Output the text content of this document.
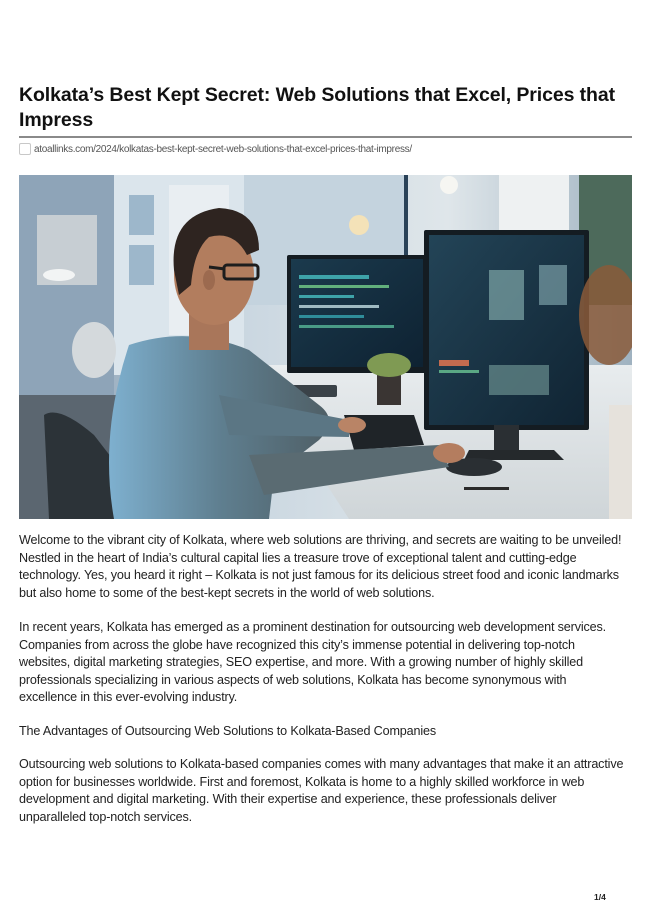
Kolkata’s Best Kept Secret: Web Solutions that Excel, Prices that Impress
atoallinks.com/2024/kolkatas-best-kept-secret-web-solutions-that-excel-prices-that-impress/

Welcome to the vibrant city of Kolkata, where web solutions are thriving, and secrets are waiting to be unveiled! Nestled in the heart of India’s cultural capital lies a treasure trove of exceptional talent and cutting-edge technology. Yes, you heard it right – Kolkata is not just famous for its delicious street food and iconic landmarks but also home to some of the best-kept secrets in the world of web solutions.

In recent years, Kolkata has emerged as a prominent destination for outsourcing web development services. Companies from across the globe have recognized this city’s immense potential in delivering top-notch websites, digital marketing strategies, SEO expertise, and more. With a growing number of highly skilled professionals specializing in various aspects of web solutions, Kolkata has become synonymous with excellence in this ever-evolving industry.

The Advantages of Outsourcing Web Solutions to Kolkata-Based Companies

Outsourcing web solutions to Kolkata-based companies comes with many advantages that make it an attractive option for businesses worldwide. First and foremost, Kolkata is home to a highly skilled workforce in web development and digital marketing. With their expertise and experience, these professionals deliver unparalleled top-notch services.

1/4
